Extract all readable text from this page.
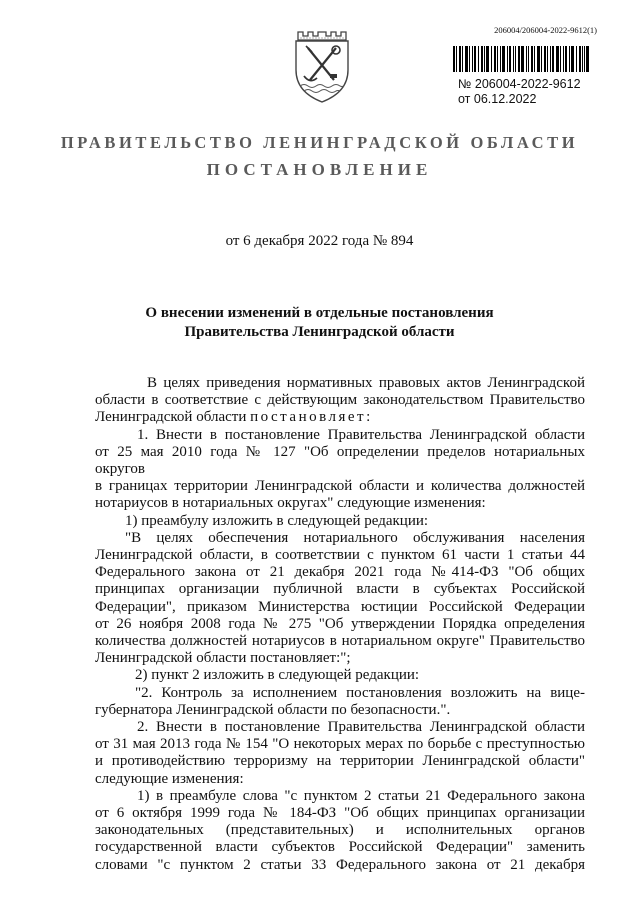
206004/206004-2022-9612(1)
№ 206004-2022-9612
от 06.12.2022
ПРАВИТЕЛЬСТВО ЛЕНИНГРАДСКОЙ ОБЛАСТИ
ПОСТАНОВЛЕНИЕ
от 6 декабря 2022 года № 894
О внесении изменений в отдельные постановления
Правительства Ленинградской области
В целях приведения нормативных правовых актов Ленинградской
области в соответствие с действующим законодательством Правительство
Ленинградской области постановляет:
1. Внести в постановление Правительства Ленинградской области
от 25 мая 2010 года № 127 "Об определении пределов нотариальных округов
в границах территории Ленинградской области и количества должностей
нотариусов в нотариальных округах" следующие изменения:
1) преамбулу изложить в следующей редакции:
"В целях обеспечения нотариального обслуживания населения
Ленинградской области, в соответствии с пунктом 61 части 1 статьи 44
Федерального закона от 21 декабря 2021 года №414-ФЗ "Об общих
принципах организации публичной власти в субъектах Российской
Федерации", приказом Министерства юстиции Российской Федерации
от 26 ноября 2008 года № 275 "Об утверждении Порядка определения
количества должностей нотариусов в нотариальном округе" Правительство
Ленинградской области постановляет:";
2) пункт 2 изложить в следующей редакции:
"2. Контроль за исполнением постановления возложить на вице-
губернатора Ленинградской области по безопасности.".
2. Внести в постановление Правительства Ленинградской области
от 31 мая 2013 года № 154 "О некоторых мерах по борьбе с преступностью
и противодействию терроризму на территории Ленинградской области"
следующие изменения:
1) в преамбуле слова "с пунктом 2 статьи 21 Федерального закона
от 6 октября 1999 года № 184-ФЗ "Об общих принципах организации
законодательных (представительных) и исполнительных органов
государственной власти субъектов Российской Федерации" заменить
словами "с пунктом 2 статьи 33 Федерального закона от 21 декабря
